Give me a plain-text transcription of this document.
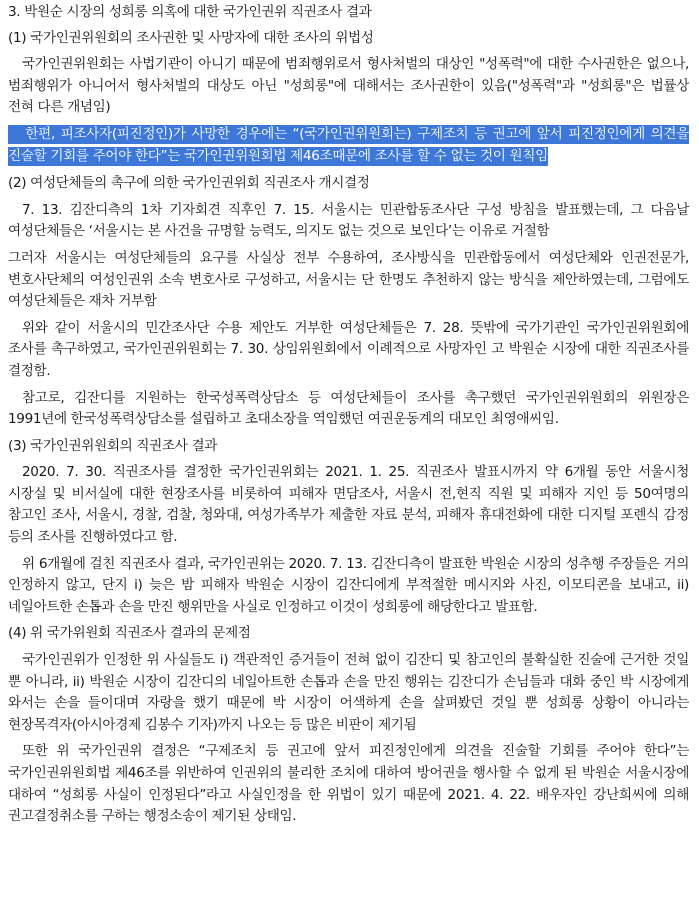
3. 박원순 시장의 성희롱 의혹에 대한 국가인권위 직권조사 결과

(1) 국가인권위원회의 조사권한 및 사망자에 대한 조사의 위법성

국가인권위원회는 사법기관이 아니기 때문에 범죄행위로서 형사처벌의 대상인 "성폭력"에 대한 수사권한은 없으나, 범죄행위가 아니어서 형사처벌의 대상도 아닌 "성희롱"에 대해서는 조사권한이 있음("성폭력"과 "성희롱"은 법률상 전혀 다른 개념임)

한편, 피조사자(피진정인)가 사망한 경우에는 “(국가인권위원회는) 구제조치 등 권고에 앞서 피진정인에게 의견을 진술할 기회를 주어야 한다”는 국가인권위원회법 제46조때문에 조사를 할 수 없는 것이 원칙임

(2) 여성단체들의 촉구에 의한 국가인권위회 직권조사 개시결정

7. 13. 김잔디측의 1차 기자회견 직후인 7. 15. 서울시는 민관합동조사단 구성 방침을 발표했는데, 그 다음날 여성단체들은 ‘서울시는 본 사건을 규명할 능력도, 의지도 없는 것으로 보인다’는 이유로 거절함

그러자 서울시는 여성단체들의 요구를 사실상 전부 수용하여, 조사방식을 민관합동에서 여성단체와 인권전문가, 변호사단체의 여성인권위 소속 변호사로 구성하고, 서울시는 단 한명도 추천하지 않는 방식을 제안하였는데, 그럼에도 여성단체들은 재차 거부함

위와 같이 서울시의 민간조사단 수용 제안도 거부한 여성단체들은 7. 28. 뜻밖에 국가기관인 국가인권위원회에 조사를 촉구하였고, 국가인권위원회는 7. 30. 상임위원회에서 이례적으로 사망자인 고 박원순 시장에 대한 직권조사를 결정함.

참고로, 김잔디를 지원하는 한국성폭력상담소 등 여성단체들이 조사를 촉구했던 국가인권위원회의 위원장은 1991년에 한국성폭력상담소를 설립하고 초대소장을 역임했던 여권운동계의 대모인 최영애씨임.

(3) 국가인권위원회의 직권조사 결과

2020. 7. 30. 직권조사를 결정한 국가인권위회는 2021. 1. 25. 직권조사 발표시까지 약 6개월 동안 서울시청 시장실 및 비서실에 대한 현장조사를 비롯하여 피해자 면담조사, 서울시 전,현직 직원 및 피해자 지인 등 50여명의 참고인 조사, 서울시, 경찰, 검찰, 청와대, 여성가족부가 제출한 자료 분석, 피해자 휴대전화에 대한 디지털 포렌식 감정 등의 조사를 진행하였다고 함.

위 6개월에 걸친 직권조사 결과, 국가인권위는 2020. 7. 13. 김잔디측이 발표한 박원순 시장의 성추행 주장들은 거의 인정하지 않고, 단지 i) 늦은 밤 피해자 박원순 시장이 김잔디에게 부적절한 메시지와 사진, 이모티콘을 보내고, ii) 네일아트한 손톱과 손을 만진 행위만을 사실로 인정하고 이것이 성희롱에 해당한다고 발표함.

(4) 위 국가위원회 직권조사 결과의 문제점

국가인권위가 인정한 위 사실들도 i) 객관적인 증거들이 전혀 없이 김잔디 및 참고인의 불확실한 진술에 근거한 것일 뿐 아니라, ii) 박원순 시장이 김잔디의 네일아트한 손톱과 손을 만진 행위는 김잔디가 손님들과 대화 중인 박 시장에게 와서는 손을 들이대며 자랑을 했기 때문에 박 시장이 어색하게 손을 살펴봤던 것일 뿐 성희롱 상황이 아니라는 현장목격자(아시아경제 김봉수 기자)까지 나오는 등 많은 비판이 제기됨

또한 위 국가인권위 결정은 “구제조치 등 권고에 앞서 피진정인에게 의견을 진술할 기회를 주어야 한다”는 국가인권위원회법 제46조를 위반하여 인권위의 불리한 조치에 대하여 방어권을 행사할 수 없게 된 박원순 서울시장에 대하여 “성희롱 사실이 인정된다”라고 사실인정을 한 위법이 있기 때문에 2021. 4. 22. 배우자인 강난희씨에 의해 권고결정취소를 구하는 행정소송이 제기된 상태임.
